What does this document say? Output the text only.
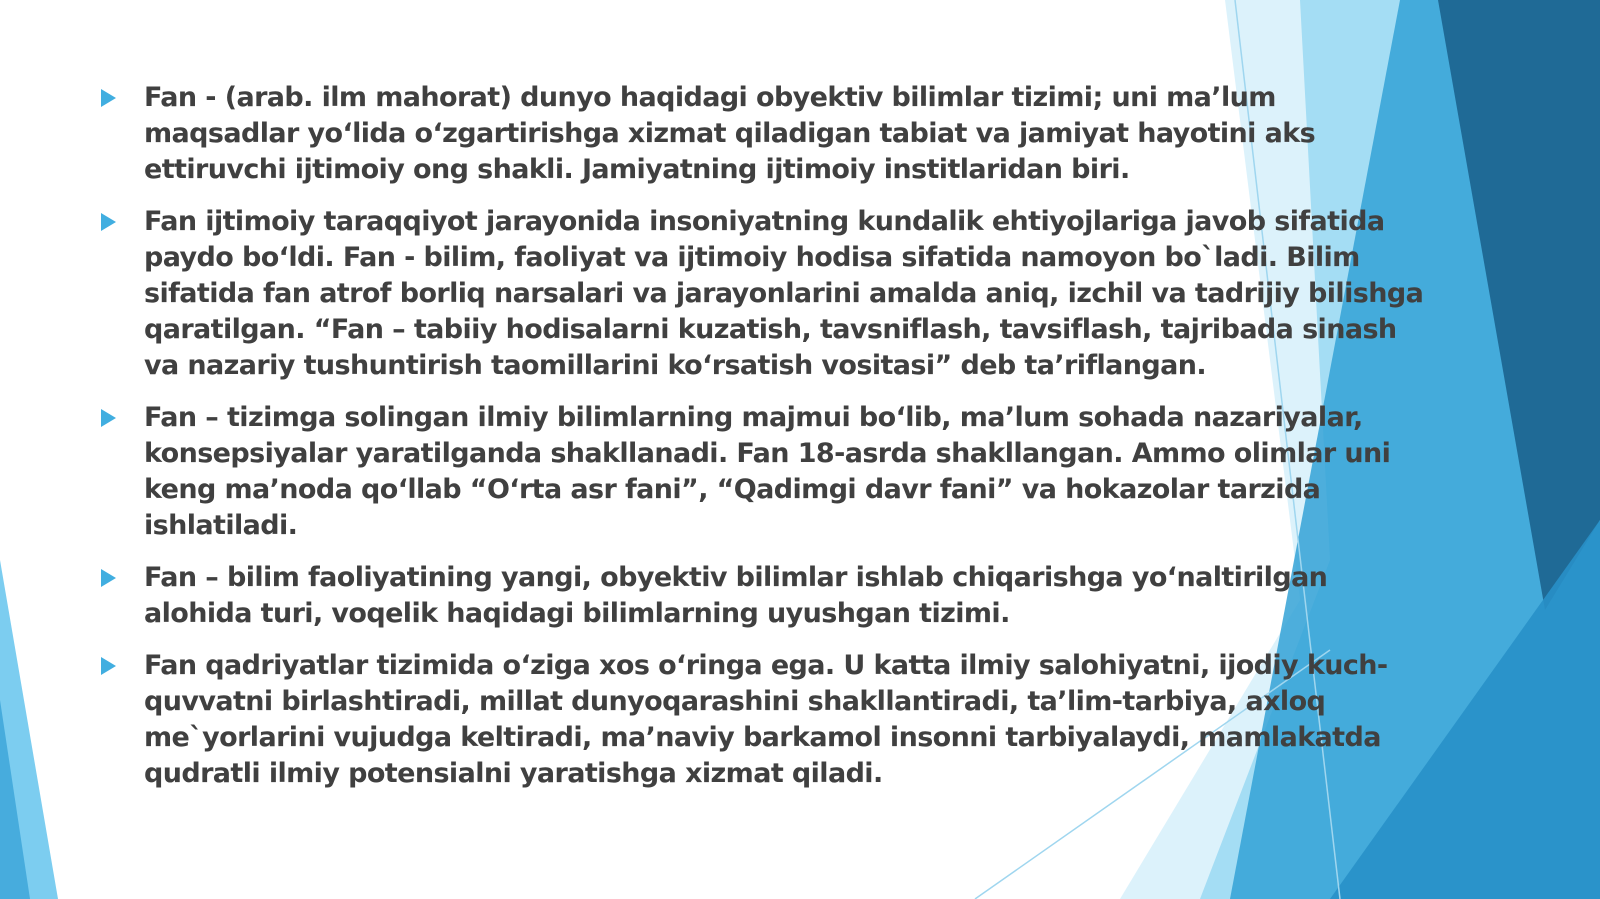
Fan - (arab. ilm mahorat) dunyo haqidagi obyektiv bilimlar tizimi; uni ma’lum
maqsadlar yo‘lida o‘zgartirishga xizmat qiladigan tabiat va jamiyat hayotini aks
ettiruvchi ijtimoiy ong shakli. Jamiyatning ijtimoiy institlaridan biri.
Fan ijtimoiy taraqqiyot jarayonida insoniyatning kundalik ehtiyojlariga javob sifatida
paydo bo‘ldi. Fan - bilim, faoliyat va ijtimoiy hodisa sifatida namoyon bo`ladi. Bilim
sifatida fan atrof borliq narsalari va jarayonlarini amalda aniq, izchil va tadrijiy bilishga
qaratilgan. “Fan – tabiiy hodisalarni kuzatish, tavsniflash, tavsiflash, tajribada sinash
va nazariy tushuntirish taomillarini ko‘rsatish vositasi” deb ta’riflangan.
Fan – tizimga solingan ilmiy bilimlarning majmui bo‘lib, ma’lum sohada nazariyalar,
konsepsiyalar yaratilganda shakllanadi. Fan 18-asrda shakllangan. Ammo olimlar uni
keng ma’noda qo‘llab “O‘rta asr fani”, “Qadimgi davr fani” va hokazolar tarzida
ishlatiladi.
Fan – bilim faoliyatining yangi, obyektiv bilimlar ishlab chiqarishga yo‘naltirilgan
alohida turi, voqelik haqidagi bilimlarning uyushgan tizimi.
Fan qadriyatlar tizimida o‘ziga xos o‘ringa ega. U katta ilmiy salohiyatni, ijodiy kuch-
quvvatni birlashtiradi, millat dunyoqarashini shakllantiradi, ta’lim-tarbiya, axloq
me`yorlarini vujudga keltiradi, ma’naviy barkamol insonni tarbiyalaydi, mamlakatda
qudratli ilmiy potensialni yaratishga xizmat qiladi.
